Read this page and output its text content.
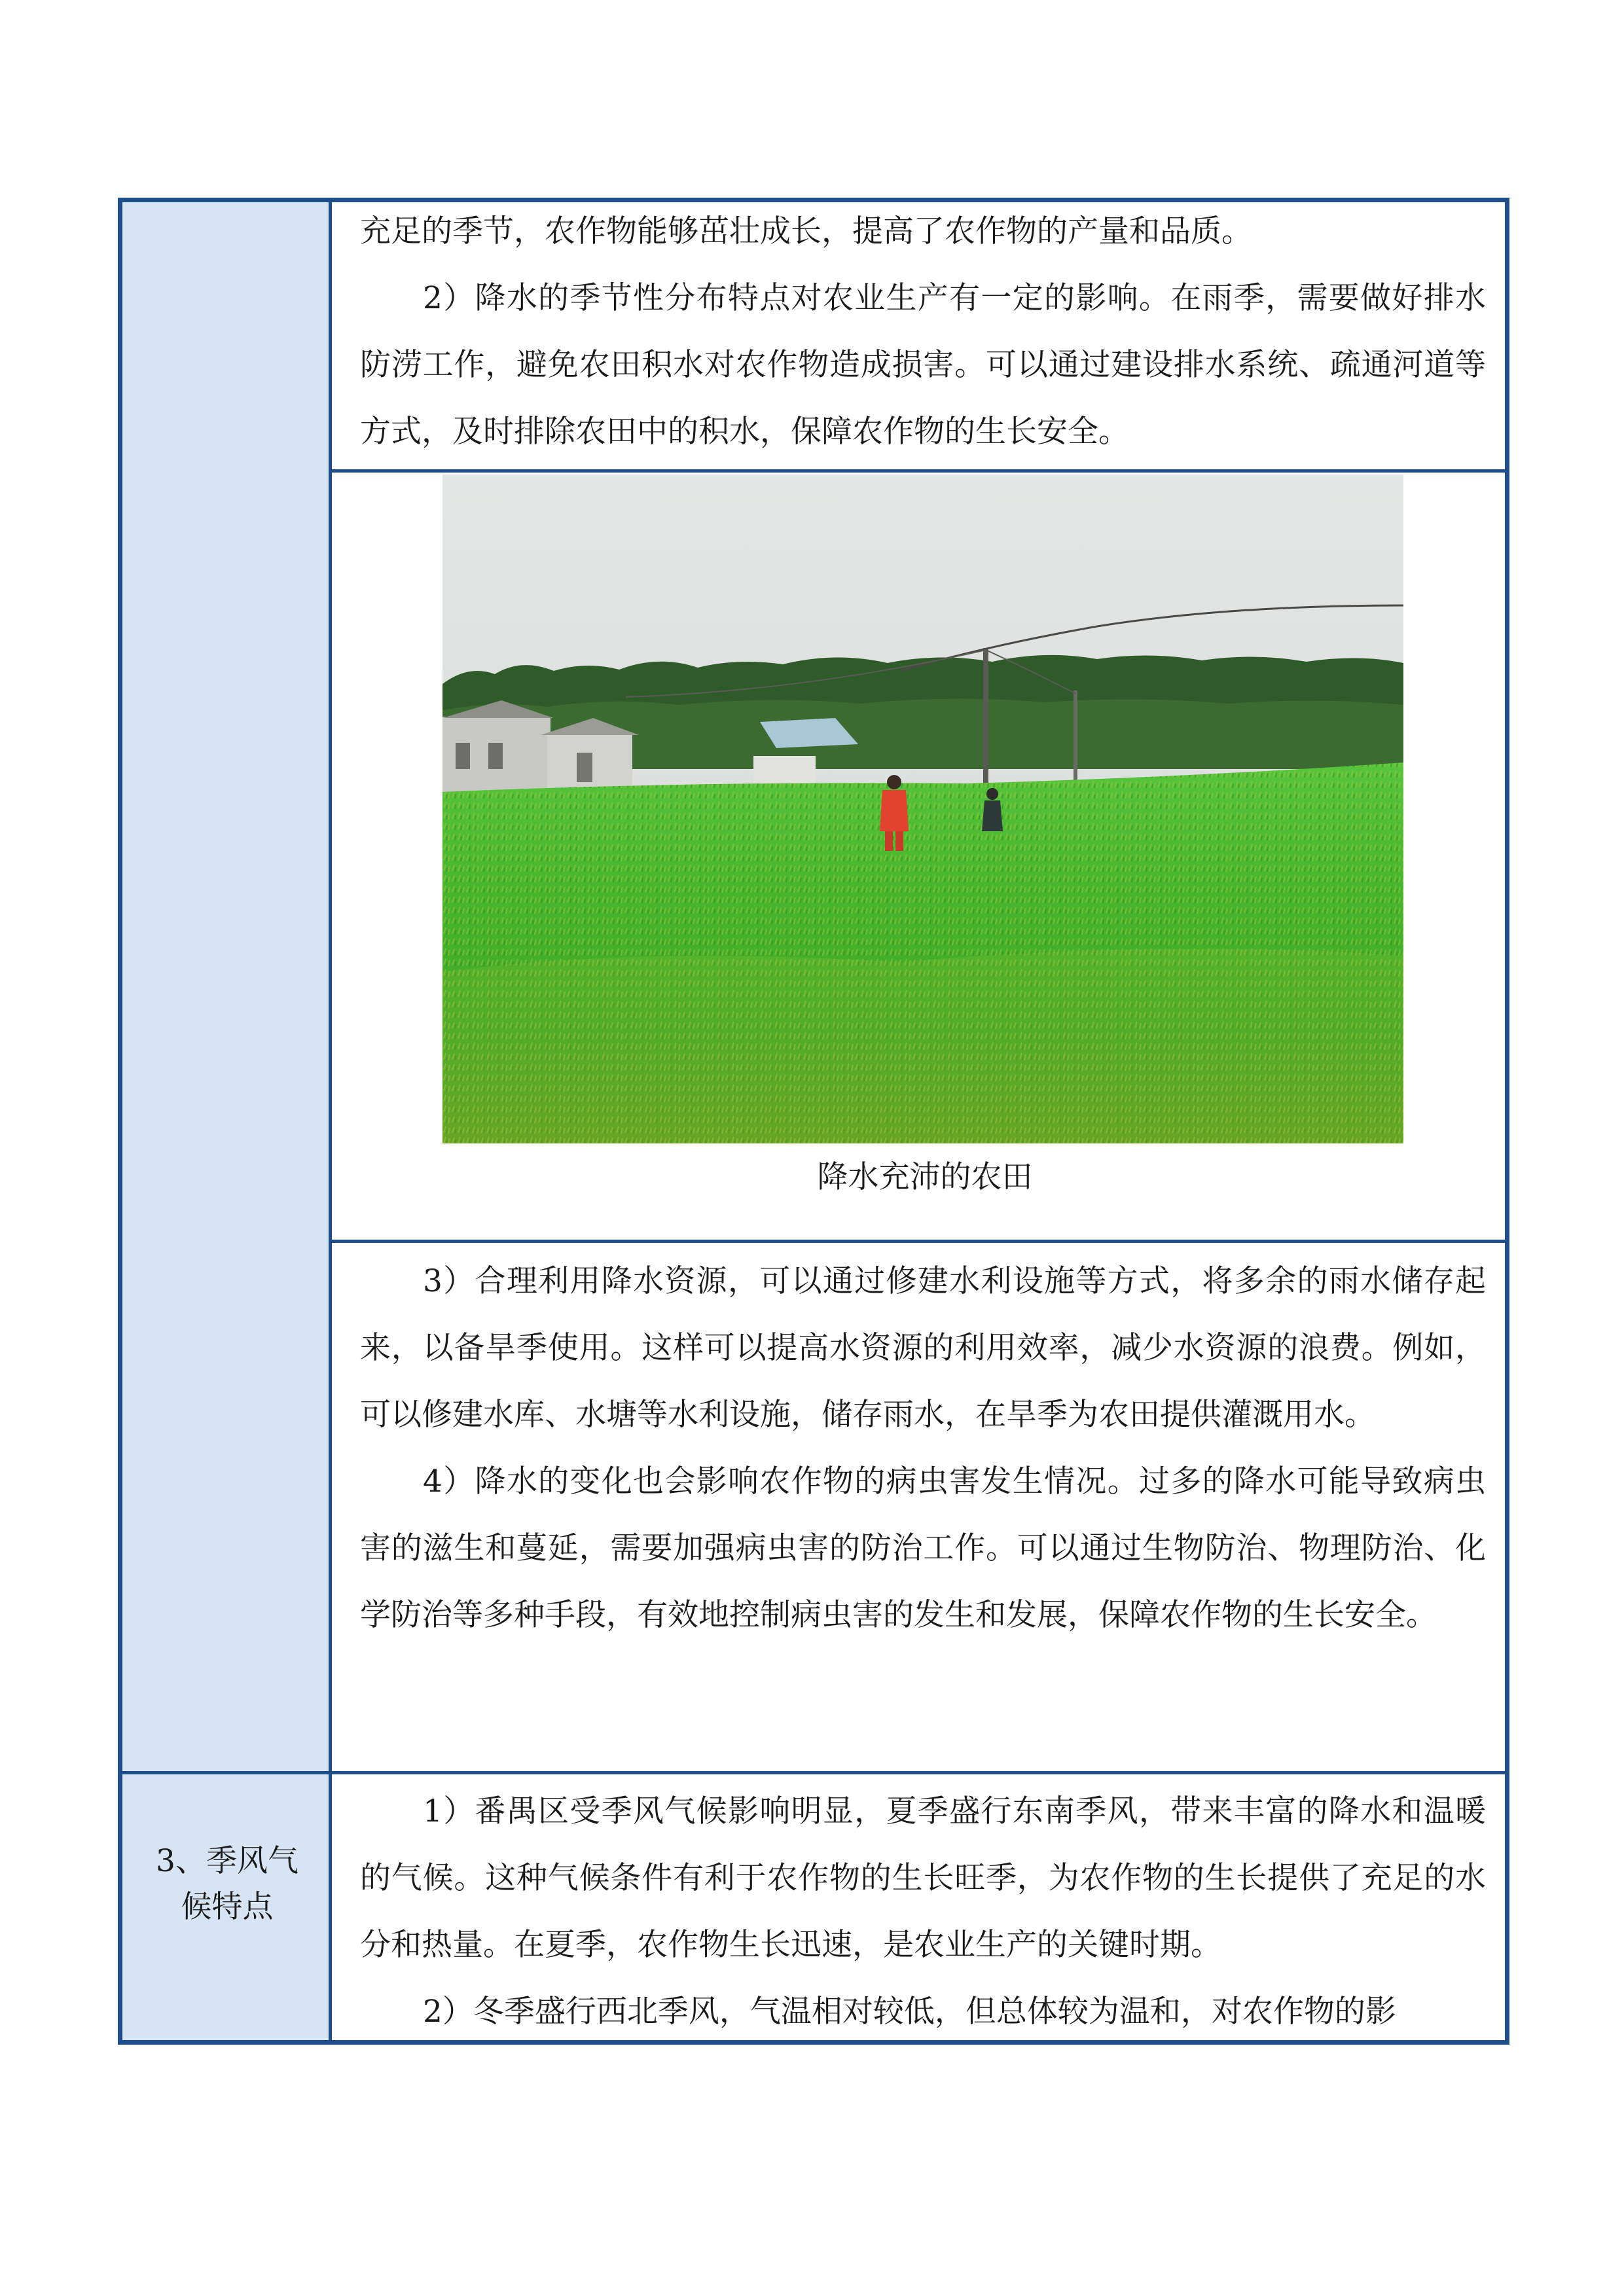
3、季风气
候特点

充足的季节，农作物能够茁壮成长，提高了农作物的产量和品质。

2）降水的季节性分布特点对农业生产有一定的影响。在雨季，需要做好排水防涝工作，避免农田积水对农作物造成损害。可以通过建设排水系统、疏通河道等方式，及时排除农田中的积水，保障农作物的生长安全。

降水充沛的农田

3）合理利用降水资源，可以通过修建水利设施等方式，将多余的雨水储存起来，以备旱季使用。这样可以提高水资源的利用效率，减少水资源的浪费。例如，可以修建水库、水塘等水利设施，储存雨水，在旱季为农田提供灌溉用水。

4）降水的变化也会影响农作物的病虫害发生情况。过多的降水可能导致病虫害的滋生和蔓延，需要加强病虫害的防治工作。可以通过生物防治、物理防治、化学防治等多种手段，有效地控制病虫害的发生和发展，保障农作物的生长安全。

1）番禺区受季风气候影响明显，夏季盛行东南季风，带来丰富的降水和温暖的气候。这种气候条件有利于农作物的生长旺季，为农作物的生长提供了充足的水分和热量。在夏季，农作物生长迅速，是农业生产的关键时期。

2）冬季盛行西北季风，气温相对较低，但总体较为温和，对农作物的影
